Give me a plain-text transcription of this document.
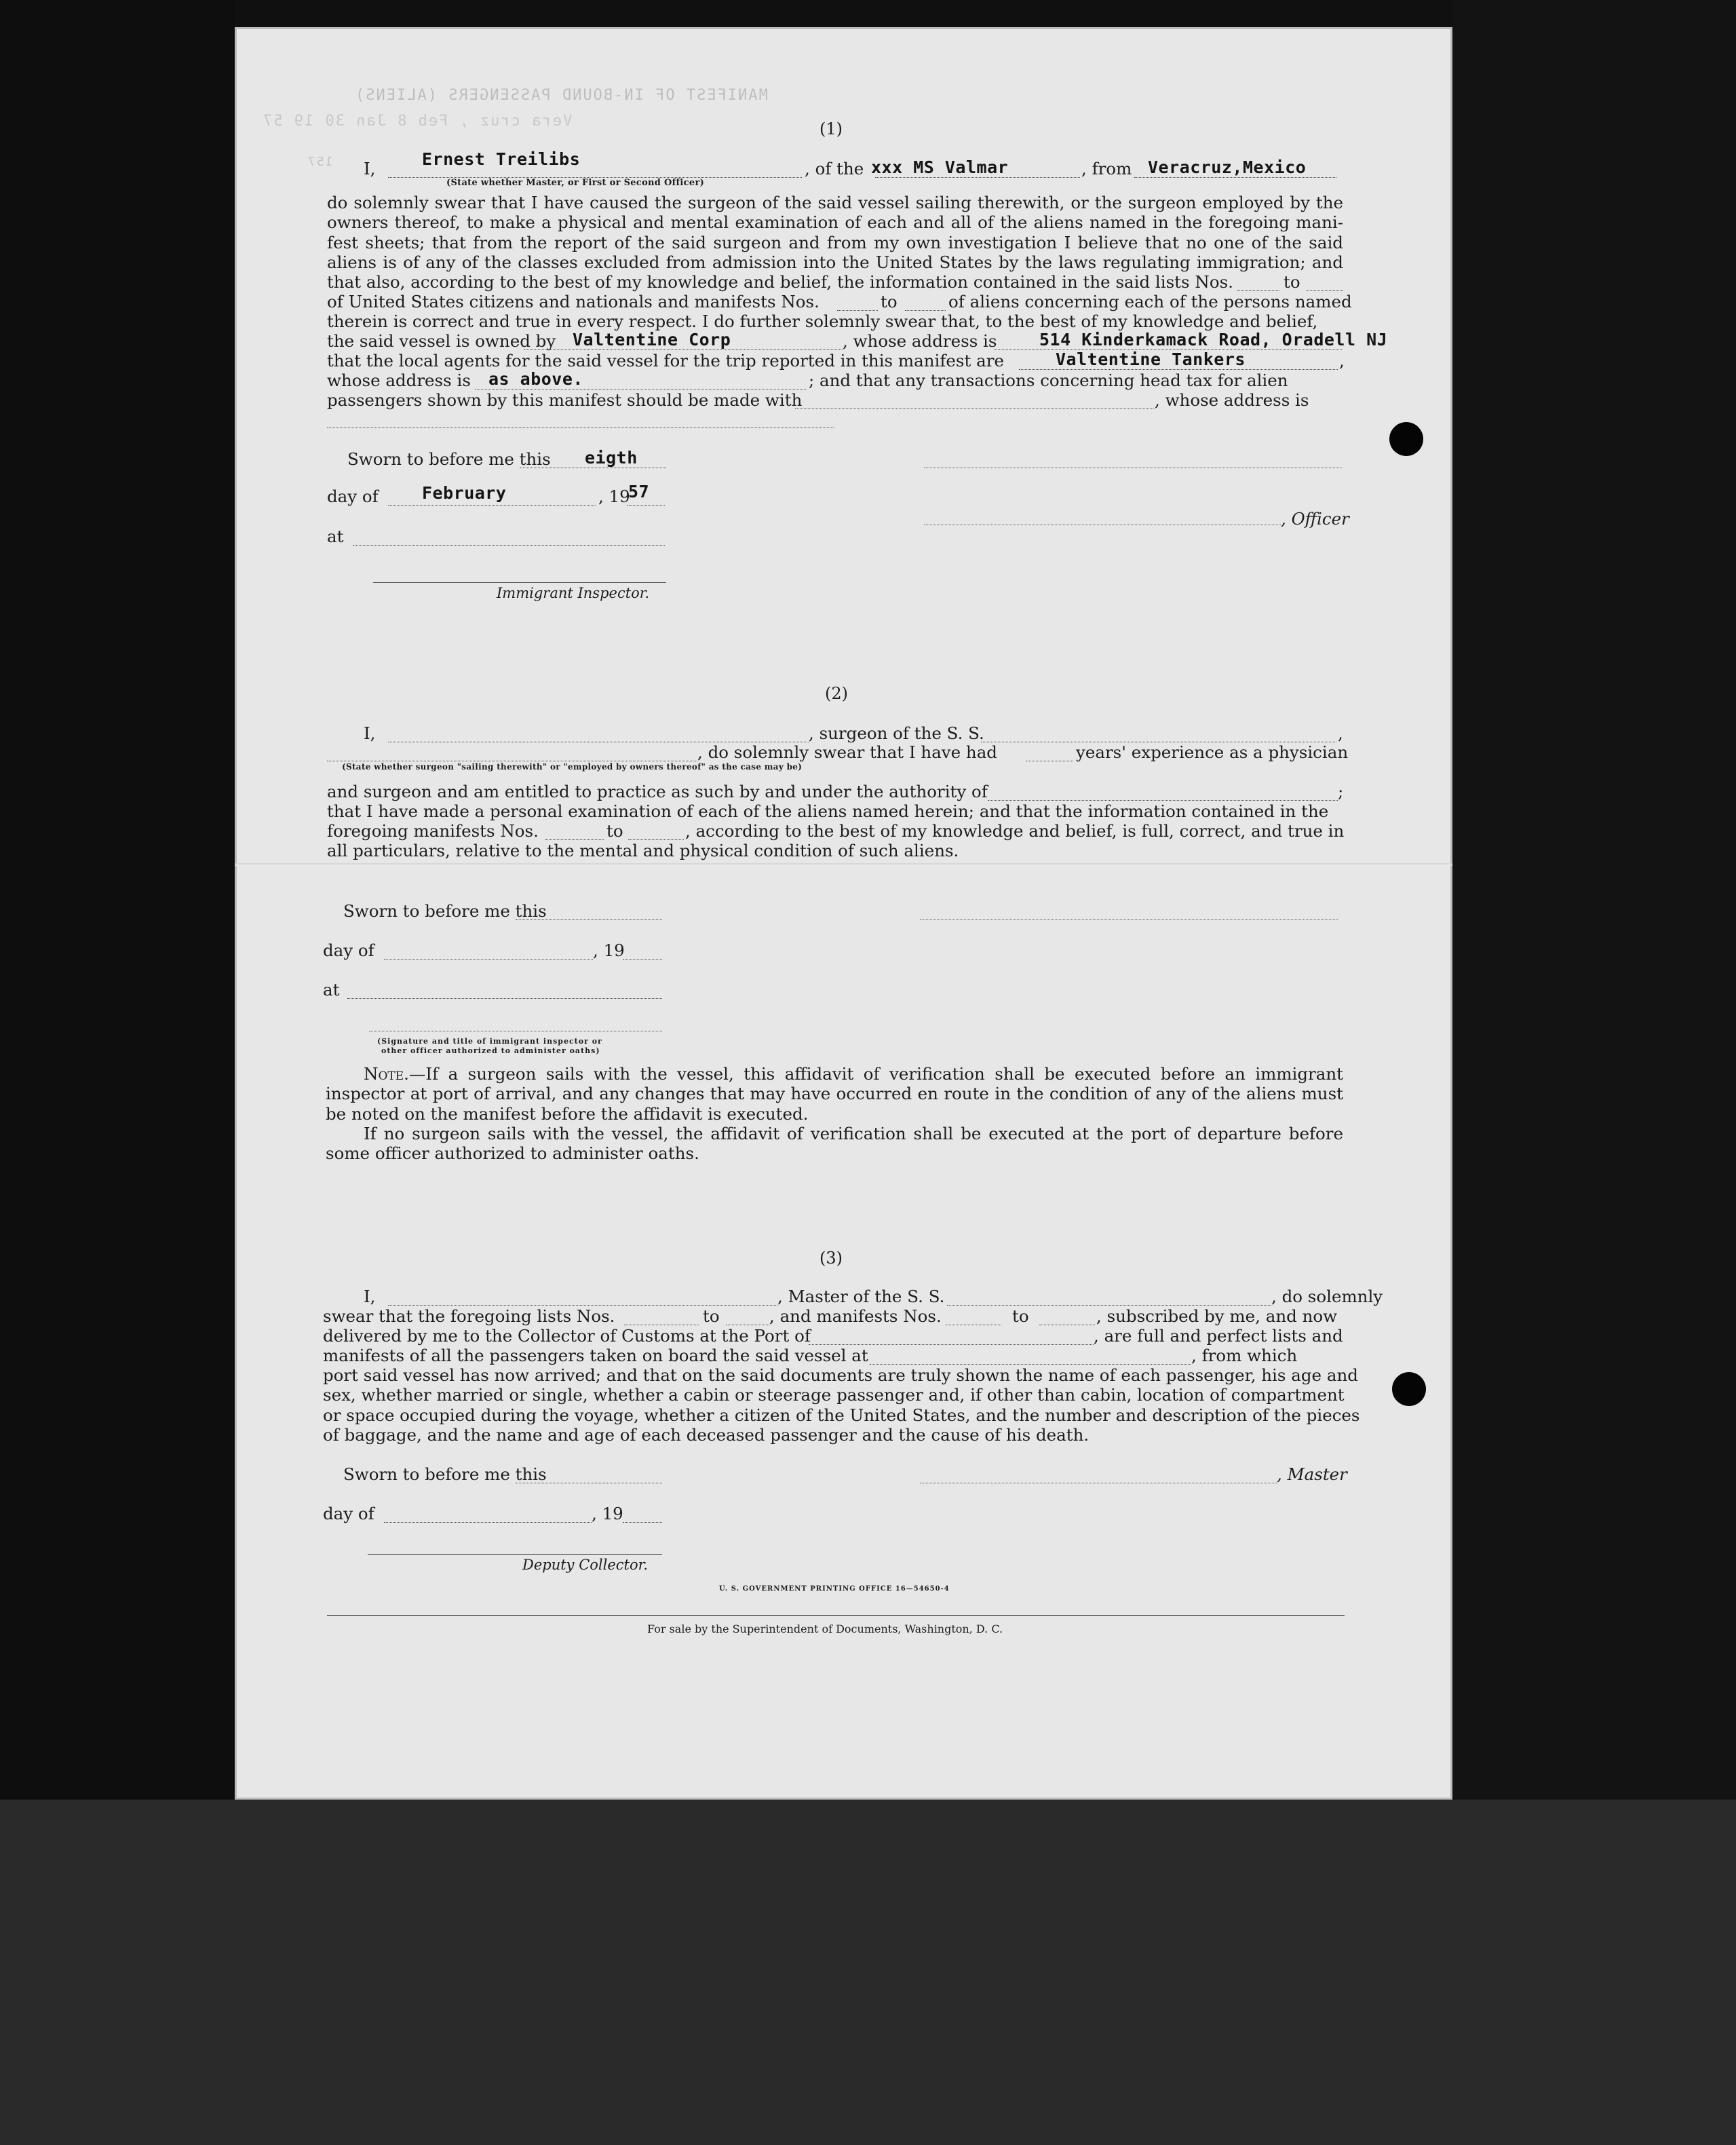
MANIFEST OF IN-BOUND PASSENGERS (ALIENS)
Vera cruz , Feb 8 Jan 30 19 57
157
(1)
I,	Ernest Treilibs	, of the xxx MS Valmar	, from Veracruz,Mexico
(State whether Master, or First or Second Officer)
do solemnly swear that I have caused the surgeon of the said vessel sailing therewith, or the surgeon employed by the
owners thereof, to make a physical and mental examination of each and all of the aliens named in the foregoing mani-
fest sheets; that from the report of the said surgeon and from my own investigation I believe that no one of the said
aliens is of any of the classes excluded from admission into the United States by the laws regulating immigration; and
that also, according to the best of my knowledge and belief, the information contained in the said lists Nos.	to
of United States citizens and nationals and manifests Nos.	to	of aliens concerning each of the persons named
therein is correct and true in every respect. I do further solemnly swear that, to the best of my knowledge and belief,
the said vessel is owned by Valtentine Corp	, whose address is	514 Kinderkamack Road, Oradell NJ
that the local agents for the said vessel for the trip reported in this manifest are	Valtentine Tankers	,
whose address is as above.	; and that any transactions concerning head tax for alien
passengers shown by this manifest should be made with	, whose address is
Sworn to before me this eigth
day of	February	, 19
57
, Officer
at
Immigrant Inspector.
(2)
I,	, surgeon of the S. S.	,
, do solemnly swear that I have had	years' experience as a physician
(State whether surgeon "sailing therewith" or "employed by owners thereof" as the case may be)
and surgeon and am entitled to practice as such by and under the authority of	;
that I have made a personal examination of each of the aliens named herein; and that the information contained in the
foregoing manifests Nos.	to	, according to the best of my knowledge and belief, is full, correct, and true in
all particulars, relative to the mental and physical condition of such aliens.
Sworn to before me this
day of	, 19
at
(Signature and title of immigrant inspector or
other officer authorized to administer oaths)
Note.—If a surgeon sails with the vessel, this affidavit of verification shall be executed before an immigrant
inspector at port of arrival, and any changes that may have occurred en route in the condition of any of the aliens must
be noted on the manifest before the affidavit is executed.
If no surgeon sails with the vessel, the affidavit of verification shall be executed at the port of departure before
some officer authorized to administer oaths.
(3)
I,	, Master of the S. S.	, do solemnly
swear that the foregoing lists Nos.	to	, and manifests Nos.	to	, subscribed by me, and now
delivered by me to the Collector of Customs at the Port of	, are full and perfect lists and
manifests of all the passengers taken on board the said vessel at	, from which
port said vessel has now arrived; and that on the said documents are truly shown the name of each passenger, his age and
sex, whether married or single, whether a cabin or steerage passenger and, if other than cabin, location of compartment
or space occupied during the voyage, whether a citizen of the United States, and the number and description of the pieces
of baggage, and the name and age of each deceased passenger and the cause of his death.
Sworn to before me this	, Master
day of	, 19
Deputy Collector.
U. S. GOVERNMENT PRINTING OFFICE 16—54650-4
For sale by the Superintendent of Documents, Washington, D. C.
